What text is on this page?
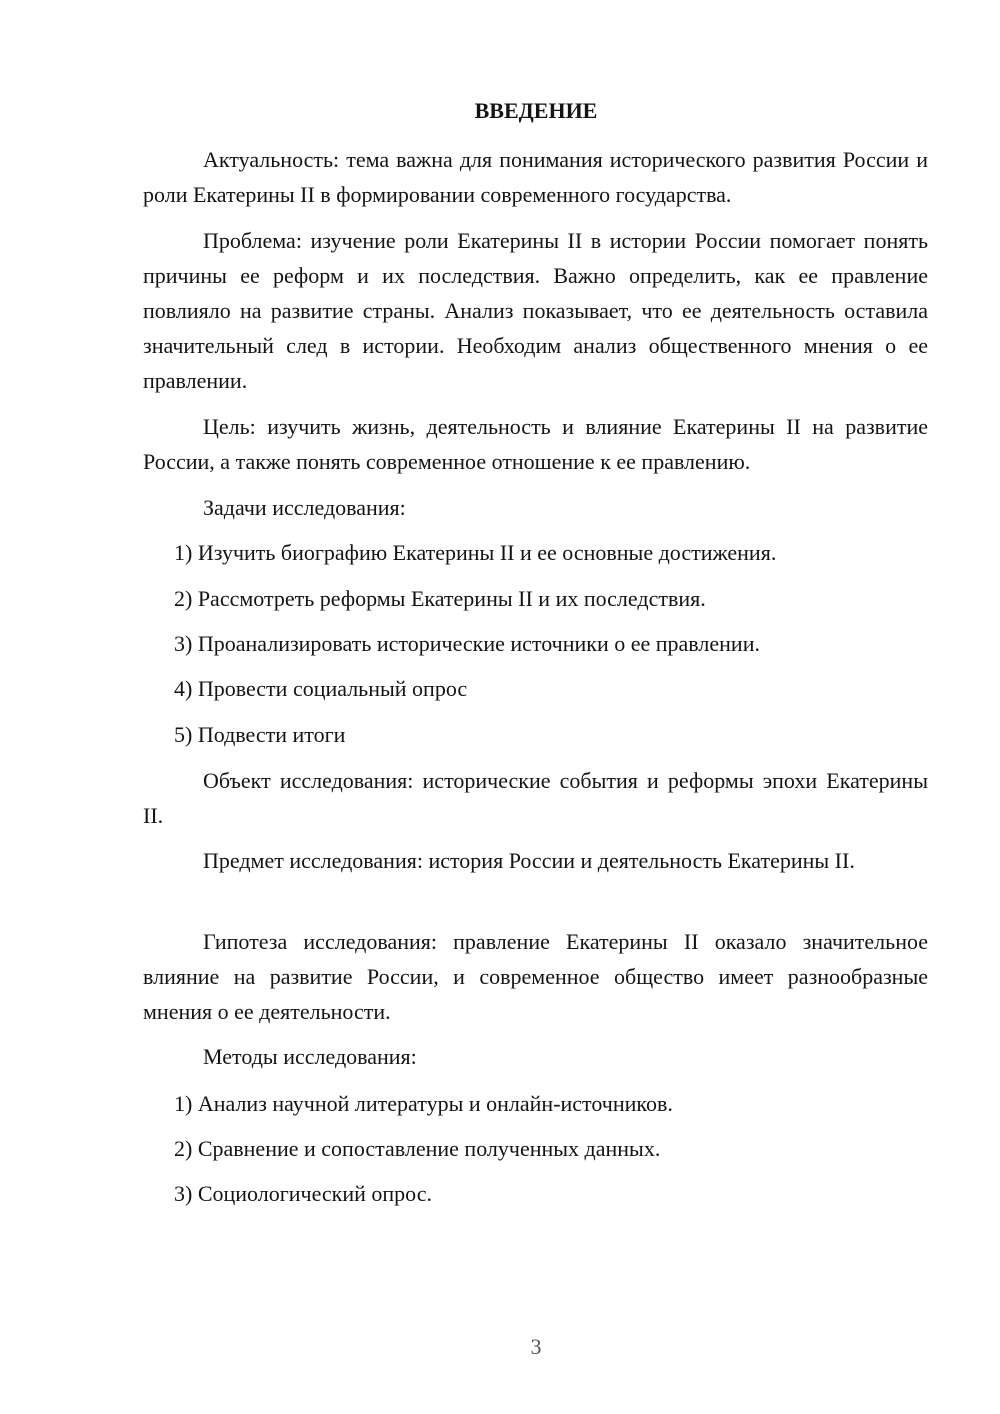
ВВЕДЕНИЕ

Актуальность: тема важна для понимания исторического развития России и роли Екатерины II в формировании современного государства.

Проблема: изучение роли Екатерины II в истории России помогает понять причины ее реформ и их последствия. Важно определить, как ее правление повлияло на развитие страны. Анализ показывает, что ее деятельность оставила значительный след в истории. Необходим анализ общественного мнения о ее правлении.

Цель: изучить жизнь, деятельность и влияние Екатерины II на развитие России, а также понять современное отношение к ее правлению.

Задачи исследования:

1) Изучить биографию Екатерины II и ее основные достижения.

2) Рассмотреть реформы Екатерины II и их последствия.

3) Проанализировать исторические источники о ее правлении.

4) Провести социальный опрос

5) Подвести итоги

Объект исследования: исторические события и реформы эпохи Екатерины II.

Предмет исследования: история России и деятельность Екатерины II.

Гипотеза исследования: правление Екатерины II оказало значительное влияние на развитие России, и современное общество имеет разнообразные мнения о ее деятельности.

Методы исследования:

1) Анализ научной литературы и онлайн-источников.

2) Сравнение и сопоставление полученных данных.

3) Социологический опрос.

3
